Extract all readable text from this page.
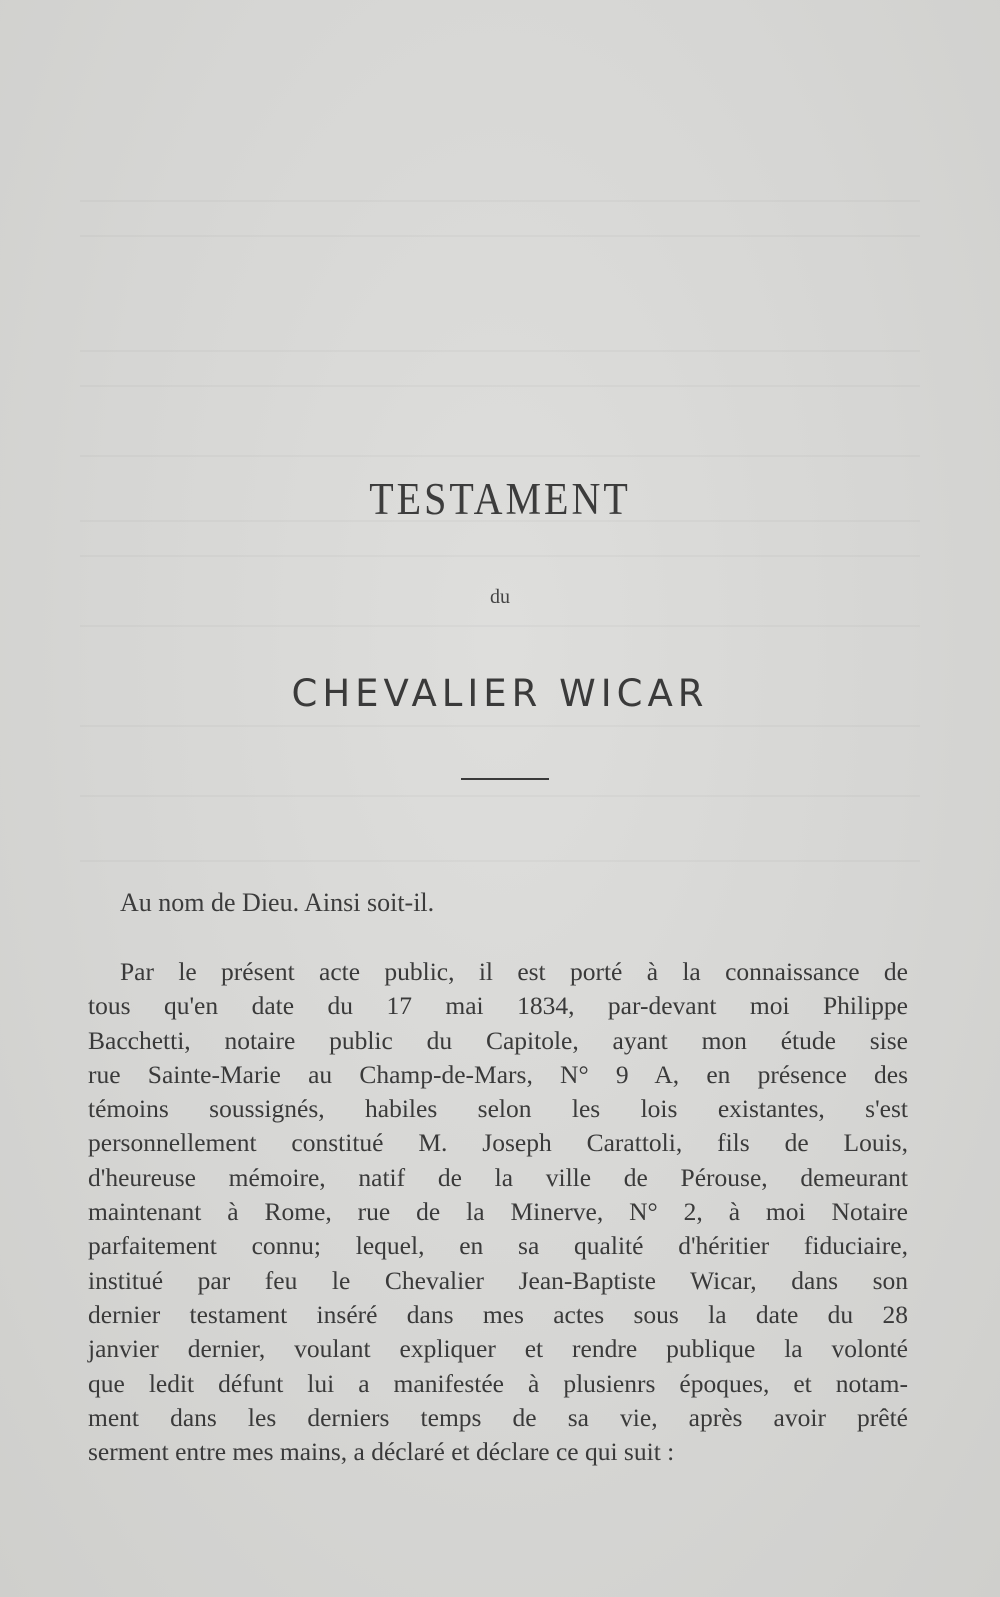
TESTAMENT
du
CHEVALIER WICAR
Au nom de Dieu. Ainsi soit-il.
Par le présent acte public, il est porté à la connaissance de
tous qu'en date du 17 mai 1834, par-devant moi Philippe
Bacchetti, notaire public du Capitole, ayant mon étude sise
rue Sainte-Marie au Champ-de-Mars, N° 9 A, en présence des
témoins soussignés, habiles selon les lois existantes, s'est
personnellement constitué M. Joseph Carattoli, fils de Louis,
d'heureuse mémoire, natif de la ville de Pérouse, demeurant
maintenant à Rome, rue de la Minerve, N° 2, à moi Notaire
parfaitement connu; lequel, en sa qualité d'héritier fiduciaire,
institué par feu le Chevalier Jean-Baptiste Wicar, dans son
dernier testament inséré dans mes actes sous la date du 28
janvier dernier, voulant expliquer et rendre publique la volonté
que ledit défunt lui a manifestée à plusienrs époques, et notam-
ment dans les derniers temps de sa vie, après avoir prêté
serment entre mes mains, a déclaré et déclare ce qui suit :
